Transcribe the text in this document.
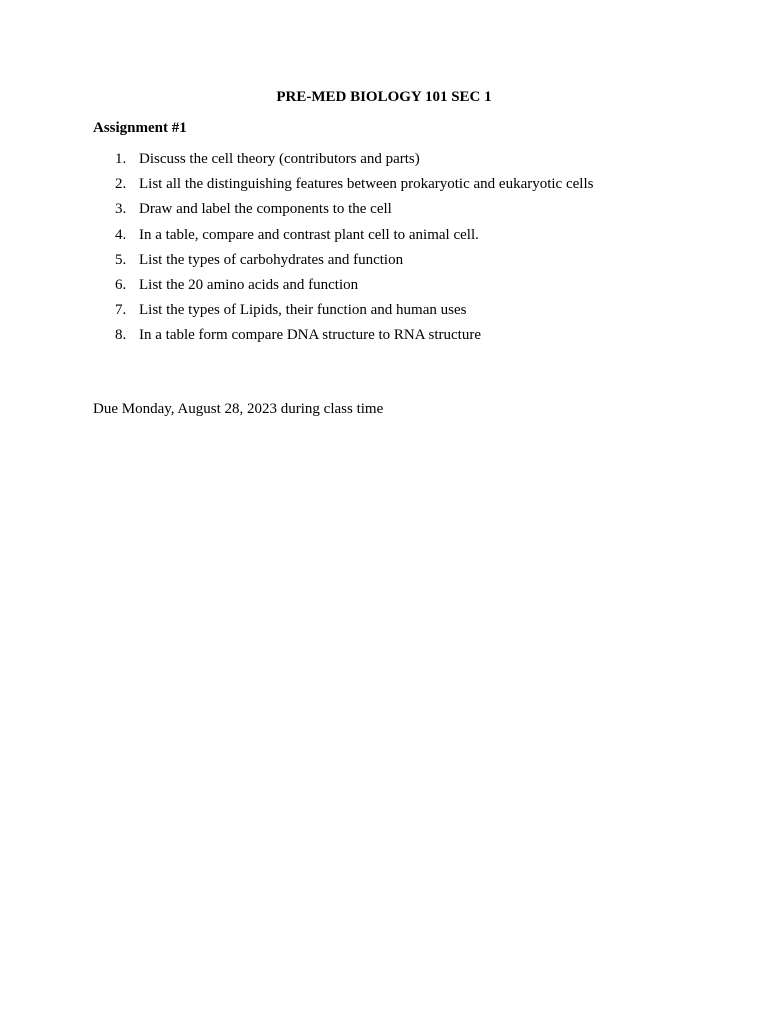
PRE-MED BIOLOGY 101 SEC 1
Assignment #1
1. Discuss the cell theory (contributors and parts)
2. List all the distinguishing features between prokaryotic and eukaryotic cells
3. Draw and label the components to the cell
4. In a table, compare and contrast plant cell to animal cell.
5. List the types of carbohydrates and function
6. List the 20 amino acids and function
7. List the types of Lipids, their function and human uses
8. In a table form compare DNA structure to RNA structure

Due Monday, August 28, 2023 during class time
